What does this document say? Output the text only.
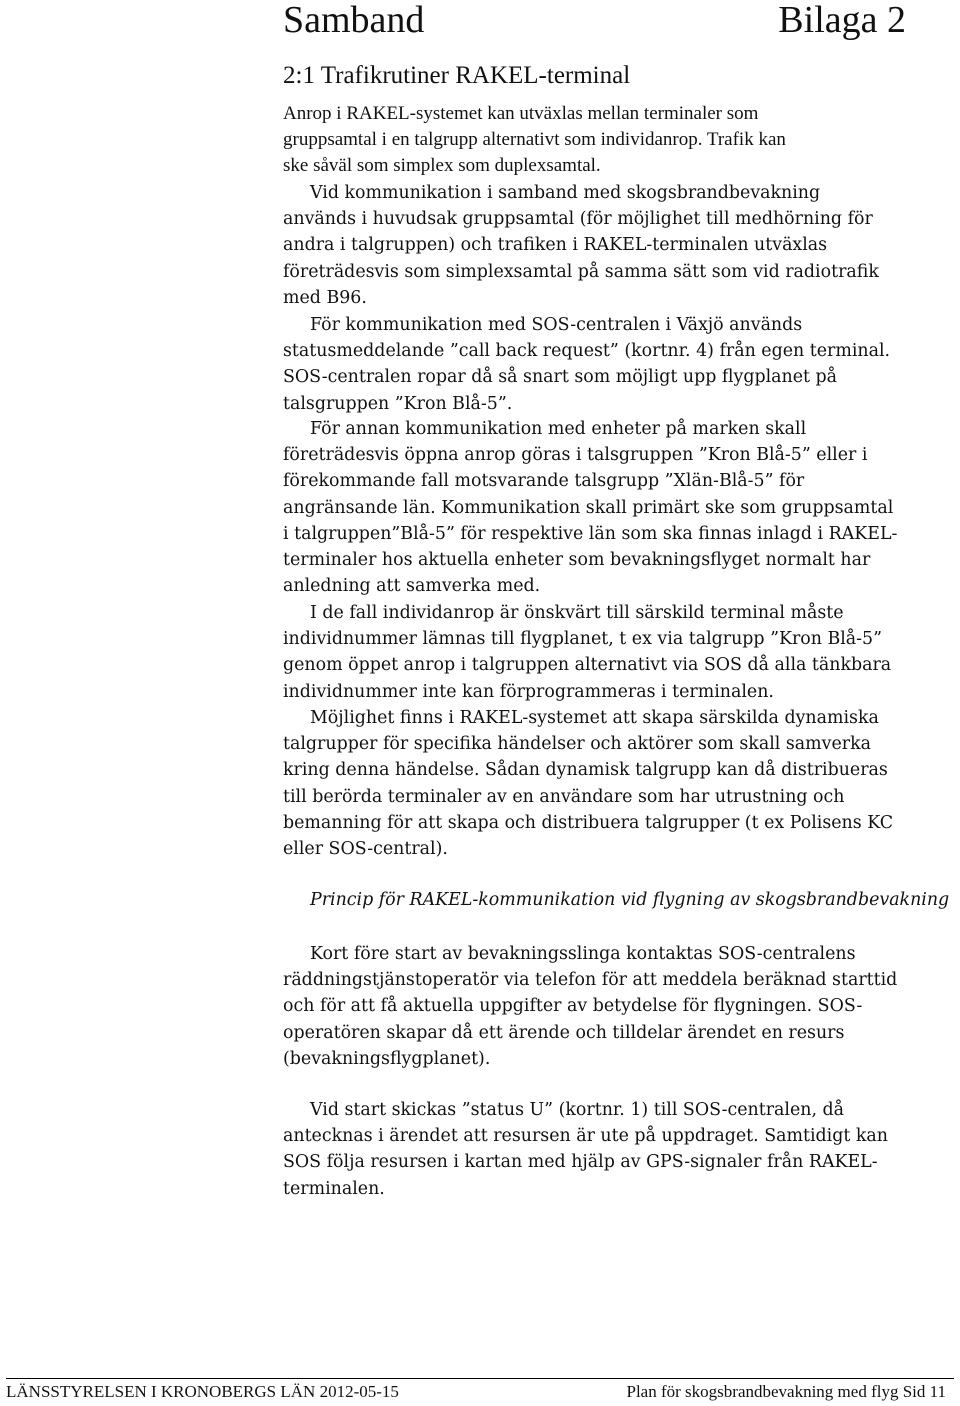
Samband	Bilaga 2
2:1 Trafikrutiner RAKEL-terminal
Anrop i RAKEL-systemet kan utväxlas mellan terminaler som
gruppsamtal i en talgrupp alternativt som individanrop. Trafik kan
ske såväl som simplex som duplexsamtal.
Vid kommunikation i samband med skogsbrandbevakning
används i huvudsak gruppsamtal (för möjlighet till medhörning för
andra i talgruppen) och trafiken i RAKEL-terminalen utväxlas
företrädesvis som simplexsamtal på samma sätt som vid radiotrafik
med B96.
För kommunikation med SOS-centralen i Växjö används
statusmeddelande ”call back request” (kortnr. 4) från egen terminal.
SOS-centralen ropar då så snart som möjligt upp flygplanet på
talsgruppen ”Kron Blå-5”.
För annan kommunikation med enheter på marken skall
företrädesvis öppna anrop göras i talsgruppen ”Kron Blå-5” eller i
förekommande fall motsvarande talsgrupp ”Xlän-Blå-5” för
angränsande län. Kommunikation skall primärt ske som gruppsamtal
i talgruppen”Blå-5” för respektive län som ska finnas inlagd i RAKEL-
terminaler hos aktuella enheter som bevakningsflyget normalt har
anledning att samverka med.
I de fall individanrop är önskvärt till särskild terminal måste
individnummer lämnas till flygplanet, t ex via talgrupp ”Kron Blå-5”
genom öppet anrop i talgruppen alternativt via SOS då alla tänkbara
individnummer inte kan förprogrammeras i terminalen.
Möjlighet finns i RAKEL-systemet att skapa särskilda dynamiska
talgrupper för specifika händelser och aktörer som skall samverka
kring denna händelse. Sådan dynamisk talgrupp kan då distribueras
till berörda terminaler av en användare som har utrustning och
bemanning för att skapa och distribuera talgrupper (t ex Polisens KC
eller SOS-central).
Princip för RAKEL-kommunikation vid flygning av skogsbrandbevakning
Kort före start av bevakningsslinga kontaktas SOS-centralens
räddningstjänstoperatör via telefon för att meddela beräknad starttid
och för att få aktuella uppgifter av betydelse för flygningen. SOS-
operatören skapar då ett ärende och tilldelar ärendet en resurs
(bevakningsflygplanet).
Vid start skickas ”status U” (kortnr. 1) till SOS-centralen, då
antecknas i ärendet att resursen är ute på uppdraget. Samtidigt kan
SOS följa resursen i kartan med hjälp av GPS-signaler från RAKEL-
terminalen.
LÄNSSTYRELSEN I KRONOBERGS LÄN 2012-05-15	Plan för skogsbrandbevakning med flyg Sid 11
